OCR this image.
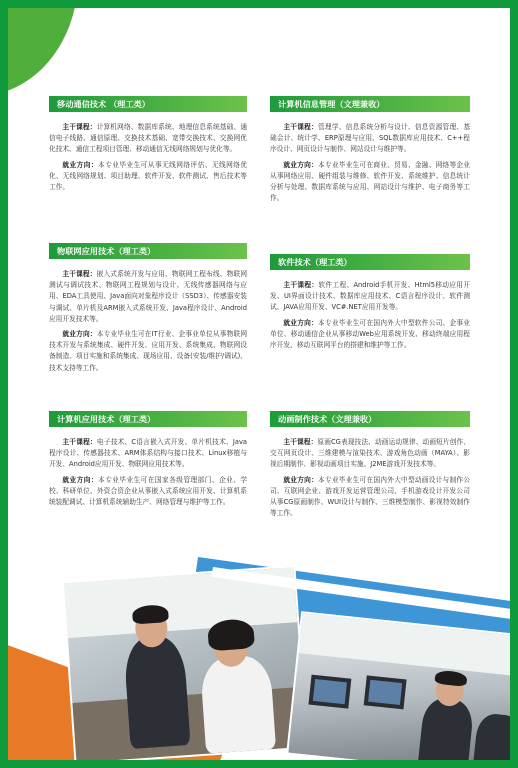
移动通信技术 （理工类）

主干课程：计算机网络、数据库系统、地理信息系统基础、通信电子线路、通信原理、交换技术基础、宽带交换技术、交换网优化技术、通信工程项目管理、移动通信无线网络规划与优化等。

就业方向：本专业毕业生可从事无线网络评估、无线网络优化、无线网络规划、项目助理、软件开发、软件测试、售后技术等工作。

计算机信息管理（文理兼收）

主干课程：管理学、信息系统分析与设计、信息资源管理、基础会计、统计学、ERP原理与应用、SQL数据库应用技术、C++程序设计、网页设计与制作、网站设计与维护等。

就业方向：本专业毕业生可在商业、贸易、金融、网络等企业从事网络应用、硬件组装与维修、软件开发、系统维护、信息统计分析与处理、数据库系统与应用、网站设计与维护、电子商务等工作。

物联网应用技术（理工类）

主干课程：嵌入式系统开发与应用、物联网工程布线、物联网测试与调试技术、物联网工程规划与设计、无线传感器网络与应用、EDA工具使用、Java面向对象程序设计（SSD3）、传感器安装与调试、单片机及ARM嵌入式系统开发、Java程序设计、Android应用开发技术等。

就业方向：本专业毕业生可在IT行业、企事业单位从事物联网技术开发与系统集成、硬件开发、应用开发、系统集成、物联网设备制造、项目实施和系统集成、现场应用、设备(安装/维护/调试)、技术支持等工作。

软件技术（理工类）

主干课程：软件工程、Android手机开发、Html5移动应用开发、UI界面设计技术、数据库应用技术、C语言程序设计、软件测试、JAVA应用开发、VC#.NET应用开发等。

就业方向：本专业毕业生可在国内外大中型软件公司、企事业单位、移动通信企业从事移动Web应用系统开发、移动终端应用程序开发、移动互联网平台的搭建和维护等工作。

计算机应用技术（理工类）

主干课程：电子技术、C语言嵌入式开发、单片机技术、Java程序设计、传感器技术、ARM体系结构与接口技术、Linux移植与开发、Android应用开发、物联网应用技术等。

就业方向：本专业毕业生可在国家各级管理部门、企业、学校、科研单位、外资合资企业从事嵌入式系统应用开发、计算机系统装配调试、计算机系统辅助生产、网络管理与维护等工作。

动画制作技术（文理兼收）

主干课程：原画CG表现技法、动画运动规律、动画短片创作、交互网页设计、三维建模与渲染技术、游戏角色动画（MAYA）、影视后期制作、影视动画项目实施、J2ME游戏开发技术等。

就业方向：本专业毕业生可在国内外大中型动画设计与制作公司、互联网企业、游戏开发运营管理公司、手机游戏设计开发公司从事CG原画制作、WUI设计与制作、三维模型制作、影视特效制作等工作。
